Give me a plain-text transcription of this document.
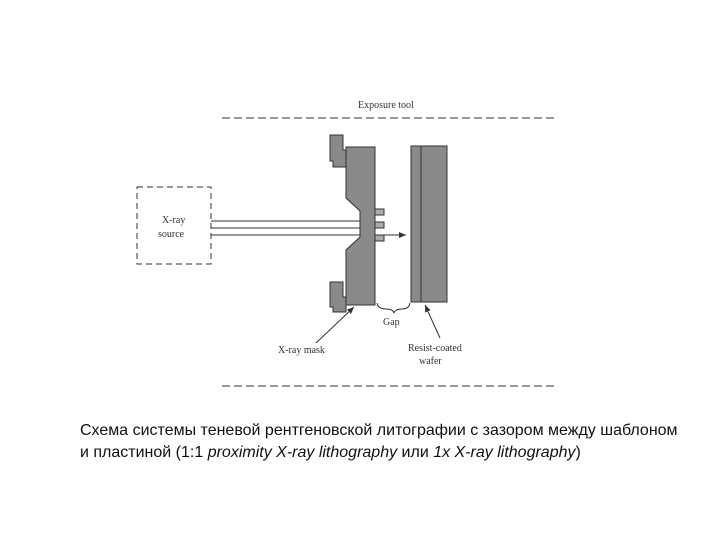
Exposure tool
X-ray
source
Gap
X-ray mask	Resist-coated
wafer
Схема системы теневой рентгеновской литографии с зазором между шаблоном и пластиной (1:1 proximity X-ray lithography или 1x X-ray lithography)
